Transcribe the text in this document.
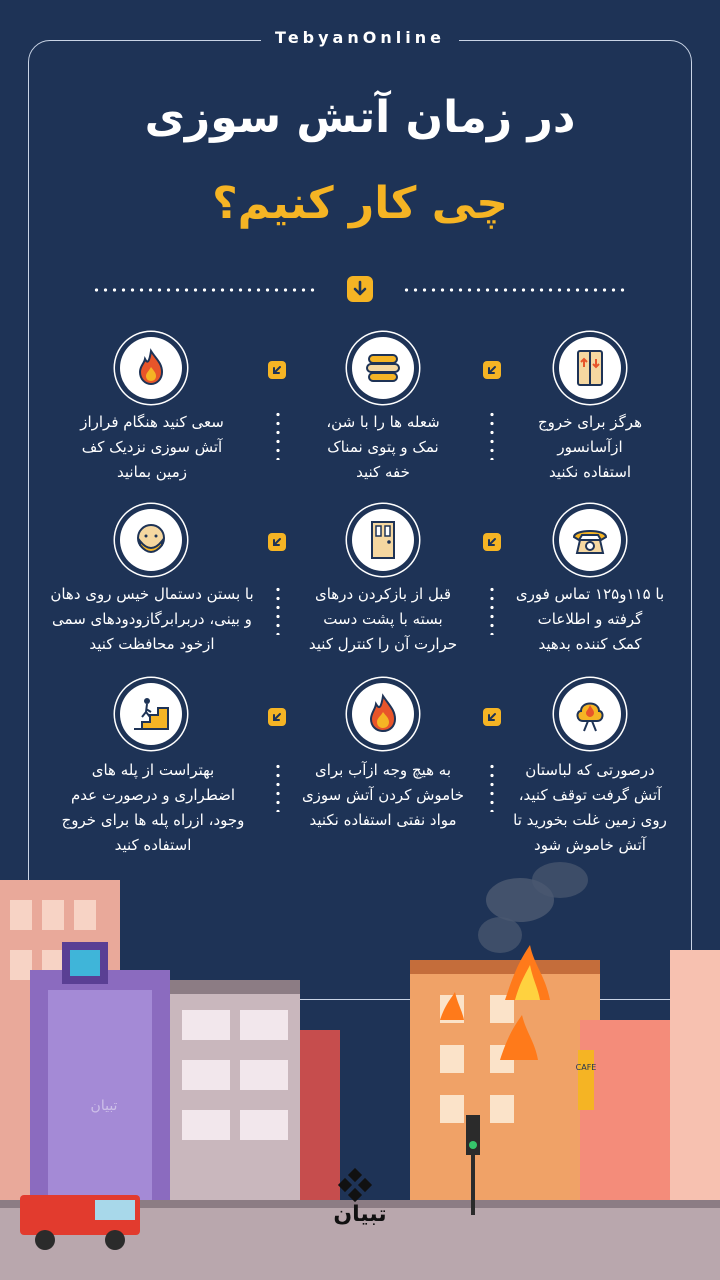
TebyanOnline
در زمان آتش سوزی
چی کار کنیم؟
هرگز برای خروج
ازآسانسور
استفاده نکنید
شعله ها را با شن،
نمک و پتوی نمناک
خفه کنید
سعی کنید هنگام فراراز
آتش سوزی نزدیک کف
زمین بمانید
با ۱۱۵و۱۲۵ تماس فوری
گرفته و اطلاعات
کمک کننده بدهید
قبل از بازکردن درهای
بسته با پشت دست
حرارت آن را کنترل کنید
با بستن دستمال خیس روی دهان
و بینی، دربرابرگازودودهای سمی
ازخود محافظت کنید
درصورتی که لباستان
آتش گرفت توقف کنید،
روی زمین غلت بخورید تا
آتش خاموش شود
به هیچ وجه ازآب برای
خاموش کردن آتش سوزی
مواد نفتی استفاده نکنید
بهتراست از پله های
اضطراری و درصورت عدم
وجود، ازراه پله ها برای خروج
استفاده کنید
تبیان
CAFE
تبیان
